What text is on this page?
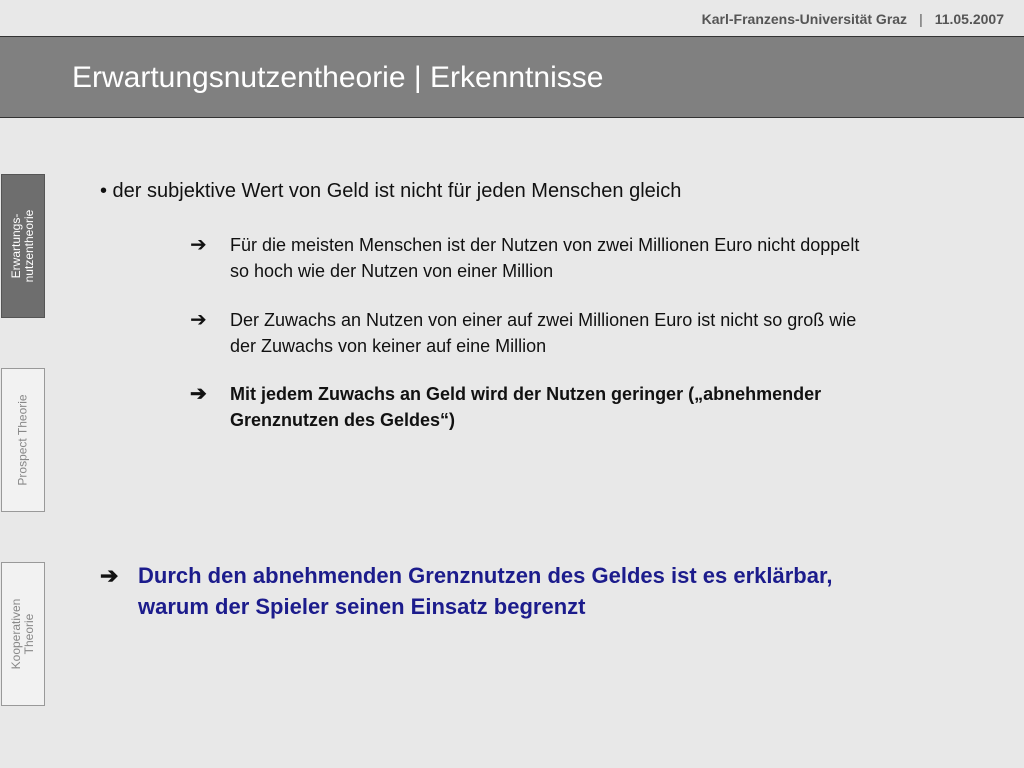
Karl-Franzens-Universität Graz | 11.05.2007
Erwartungsnutzentheorie | Erkenntnisse
Erwartungs- nutzentheorie
Prospect Theorie
Kooperativen Theorie
• der subjektive Wert von Geld ist nicht für jeden Menschen gleich
➔	Für die meisten Menschen ist der Nutzen von zwei Millionen Euro nicht doppelt so hoch wie der Nutzen von einer Million
➔	Der Zuwachs an Nutzen von einer auf zwei Millionen Euro ist nicht so groß wie der Zuwachs von keiner auf eine Million
➔	Mit jedem Zuwachs an Geld wird der Nutzen geringer („abnehmender Grenznutzen des Geldes“)
➔ Durch den abnehmenden Grenznutzen des Geldes ist es erklärbar, warum der Spieler seinen Einsatz begrenzt
